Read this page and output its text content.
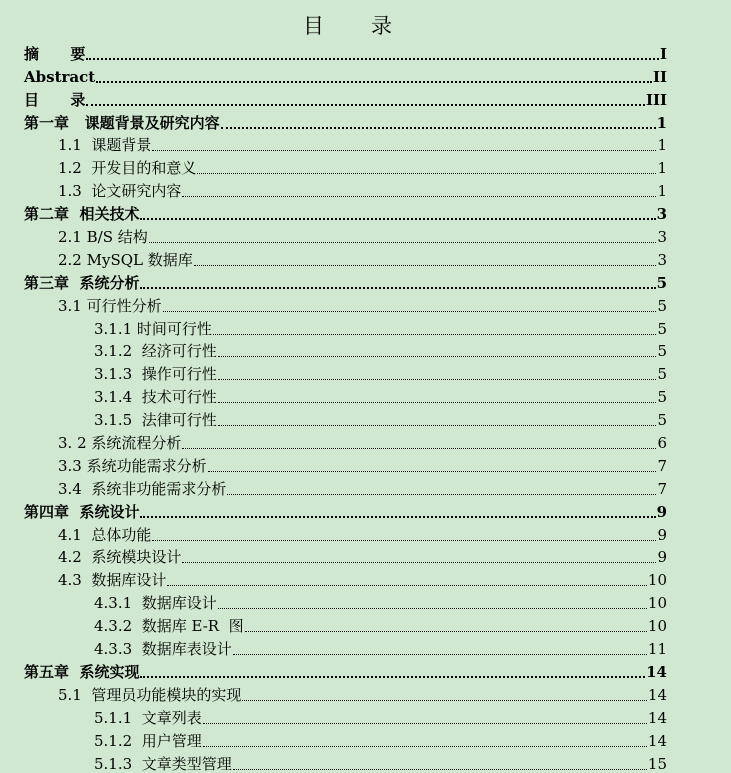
目      录
摘      要	I
Abstract	II
目      录	III
第一章   课题背景及研究内容	1
1.1  课题背景	1
1.2  开发目的和意义	1
1.3  论文研究内容	1
第二章  相关技术	3
2.1 B/S 结构	3
2.2 MySQL 数据库	3
第三章  系统分析	5
3.1 可行性分析	5
3.1.1 时间可行性	5
3.1.2  经济可行性	5
3.1.3  操作可行性	5
3.1.4  技术可行性	5
3.1.5  法律可行性	5
3. 2 系统流程分析	6
3.3 系统功能需求分析	7
3.4  系统非功能需求分析	7
第四章  系统设计	9
4.1  总体功能	9
4.2  系统模块设计	9
4.3  数据库设计	10
4.3.1  数据库设计	10
4.3.2  数据库 E-R  图	10
4.3.3  数据库表设计	11
第五章  系统实现	14
5.1  管理员功能模块的实现	14
5.1.1  文章列表	14
5.1.2  用户管理	14
5.1.3  文章类型管理	15
